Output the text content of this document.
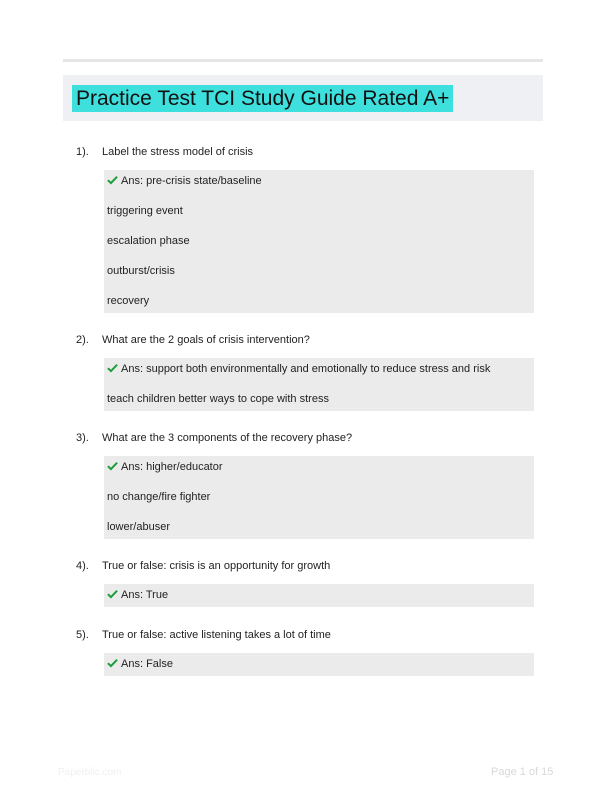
Practice Test TCI Study Guide Rated A+
1). Label the stress model of crisis
Ans: pre-crisis state/baseline
triggering event
escalation phase
outburst/crisis
recovery
2). What are the 2 goals of crisis intervention?
Ans: support both environmentally and emotionally to reduce stress and risk
teach children better ways to cope with stress
3). What are the 3 components of the recovery phase?
Ans: higher/educator
no change/fire fighter
lower/abuser
4). True or false: crisis is an opportunity for growth
Ans: True
5). True or false: active listening takes a lot of time
Ans: False
Paperblic.com	Page 1 of 15
